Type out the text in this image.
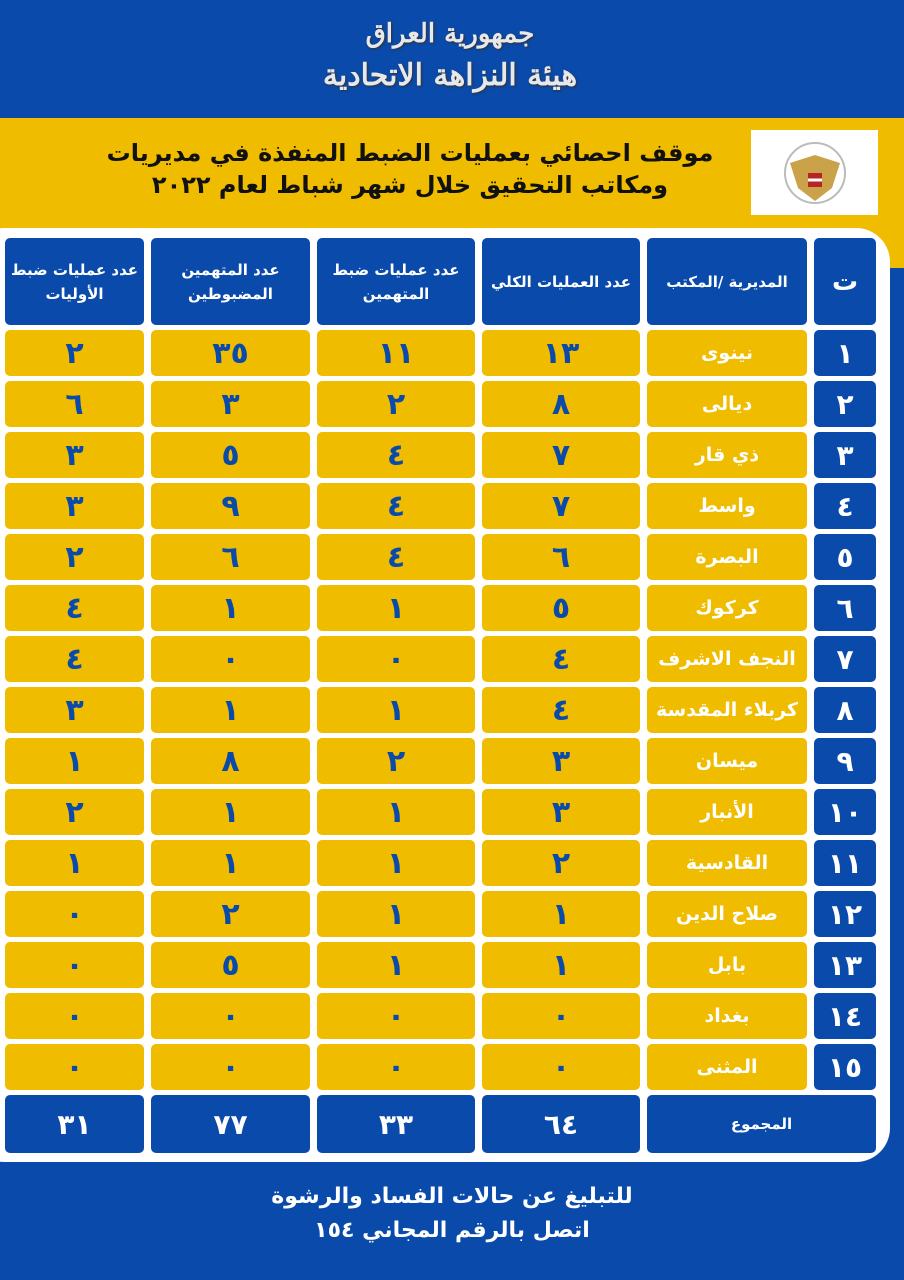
جمهورية العراق
هيئة النزاهة الاتحادية
موقف احصائي بعمليات الضبط المنفذة في مديريات
ومكاتب التحقيق خلال شهر شباط لعام ٢٠٢٢
ت
المديرية /المكتب
عدد العمليات الكلي
عدد عمليات ضبط المتهمين
عدد المتهمين المضبوطين
عدد عمليات ضبط الأوليات
١
نينوى
١٣
١١
٣٥
٢
٢
ديالى
٨
٢
٣
٦
٣
ذي قار
٧
٤
٥
٣
٤
واسط
٧
٤
٩
٣
٥
البصرة
٦
٤
٦
٢
٦
كركوك
٥
١
١
٤
٧
النجف الاشرف
٤
٠
٠
٤
٨
كربلاء المقدسة
٤
١
١
٣
٩
ميسان
٣
٢
٨
١
١٠
الأنبار
٣
١
١
٢
١١
القادسية
٢
١
١
١
١٢
صلاح الدين
١
١
٢
٠
١٣
بابل
١
١
٥
٠
١٤
بغداد
٠
٠
٠
٠
١٥
المثنى
٠
٠
٠
٠
المجموع
٦٤
٣٣
٧٧
٣١
للتبليغ عن حالات الفساد والرشوة
اتصل بالرقم المجاني ١٥٤
